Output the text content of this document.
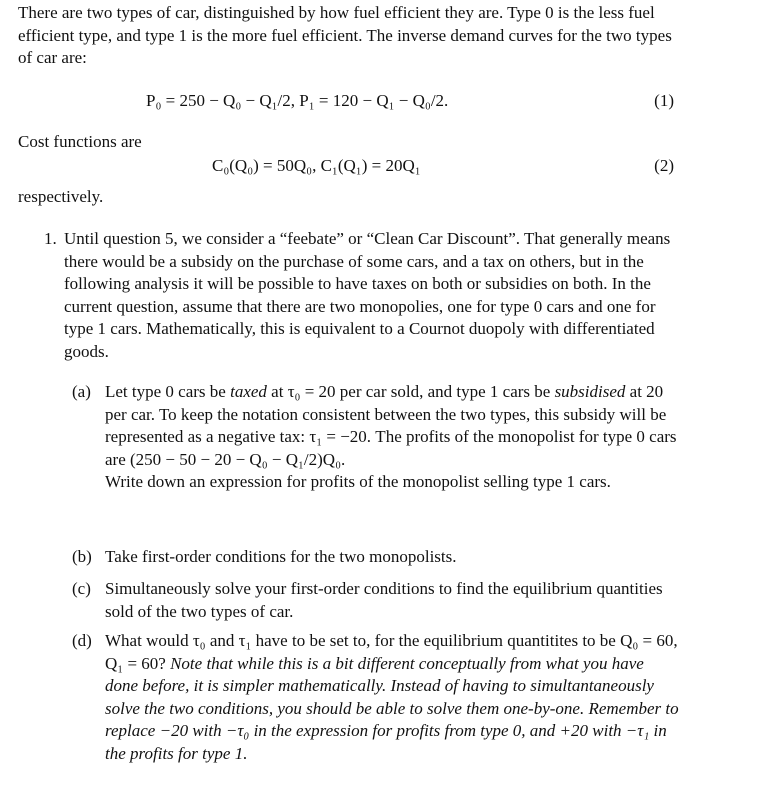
There are two types of car, distinguished by how fuel efficient they are. Type 0 is the less fuel efficient type, and type 1 is the more fuel efficient. The inverse demand curves for the two types of car are:

P₀ = 250 − Q₀ − Q₁/2, P₁ = 120 − Q₁ − Q₀/2.	(1)
Cost functions are
C₀(Q₀) = 50Q₀, C₁(Q₁) = 20Q₁	(2)
respectively.
1. Until question 5, we consider a “feebate” or “Clean Car Discount”. That generally means there would be a subsidy on the purchase of some cars, and a tax on others, but in the following analysis it will be possible to have taxes on both or subsidies on both. In the current question, assume that there are two monopolies, one for type 0 cars and one for type 1 cars. Mathematically, this is equivalent to a Cournot duopoly with differentiated goods.
(a) Let type 0 cars be taxed at τ₀ = 20 per car sold, and type 1 cars be subsidised at 20 per car. To keep the notation consistent between the two types, this subsidy will be represented as a negative tax: τ₁ = −20. The profits of the monopolist for type 0 cars are (250 − 50 − 20 − Q₀ − Q₁/2)Q₀.
Write down an expression for profits of the monopolist selling type 1 cars.
(b) Take first-order conditions for the two monopolists.
(c) Simultaneously solve your first-order conditions to find the equilibrium quantities sold of the two types of car.
(d) What would τ₀ and τ₁ have to be set to, for the equilibrium quantitites to be Q₀ = 60, Q₁ = 60? Note that while this is a bit different conceptually from what you have done before, it is simpler mathematically. Instead of having to simultantaneously solve the two conditions, you should be able to solve them one-by-one. Remember to replace −20 with −τ₀ in the expression for profits from type 0, and +20 with −τ₁ in the profits for type 1.
